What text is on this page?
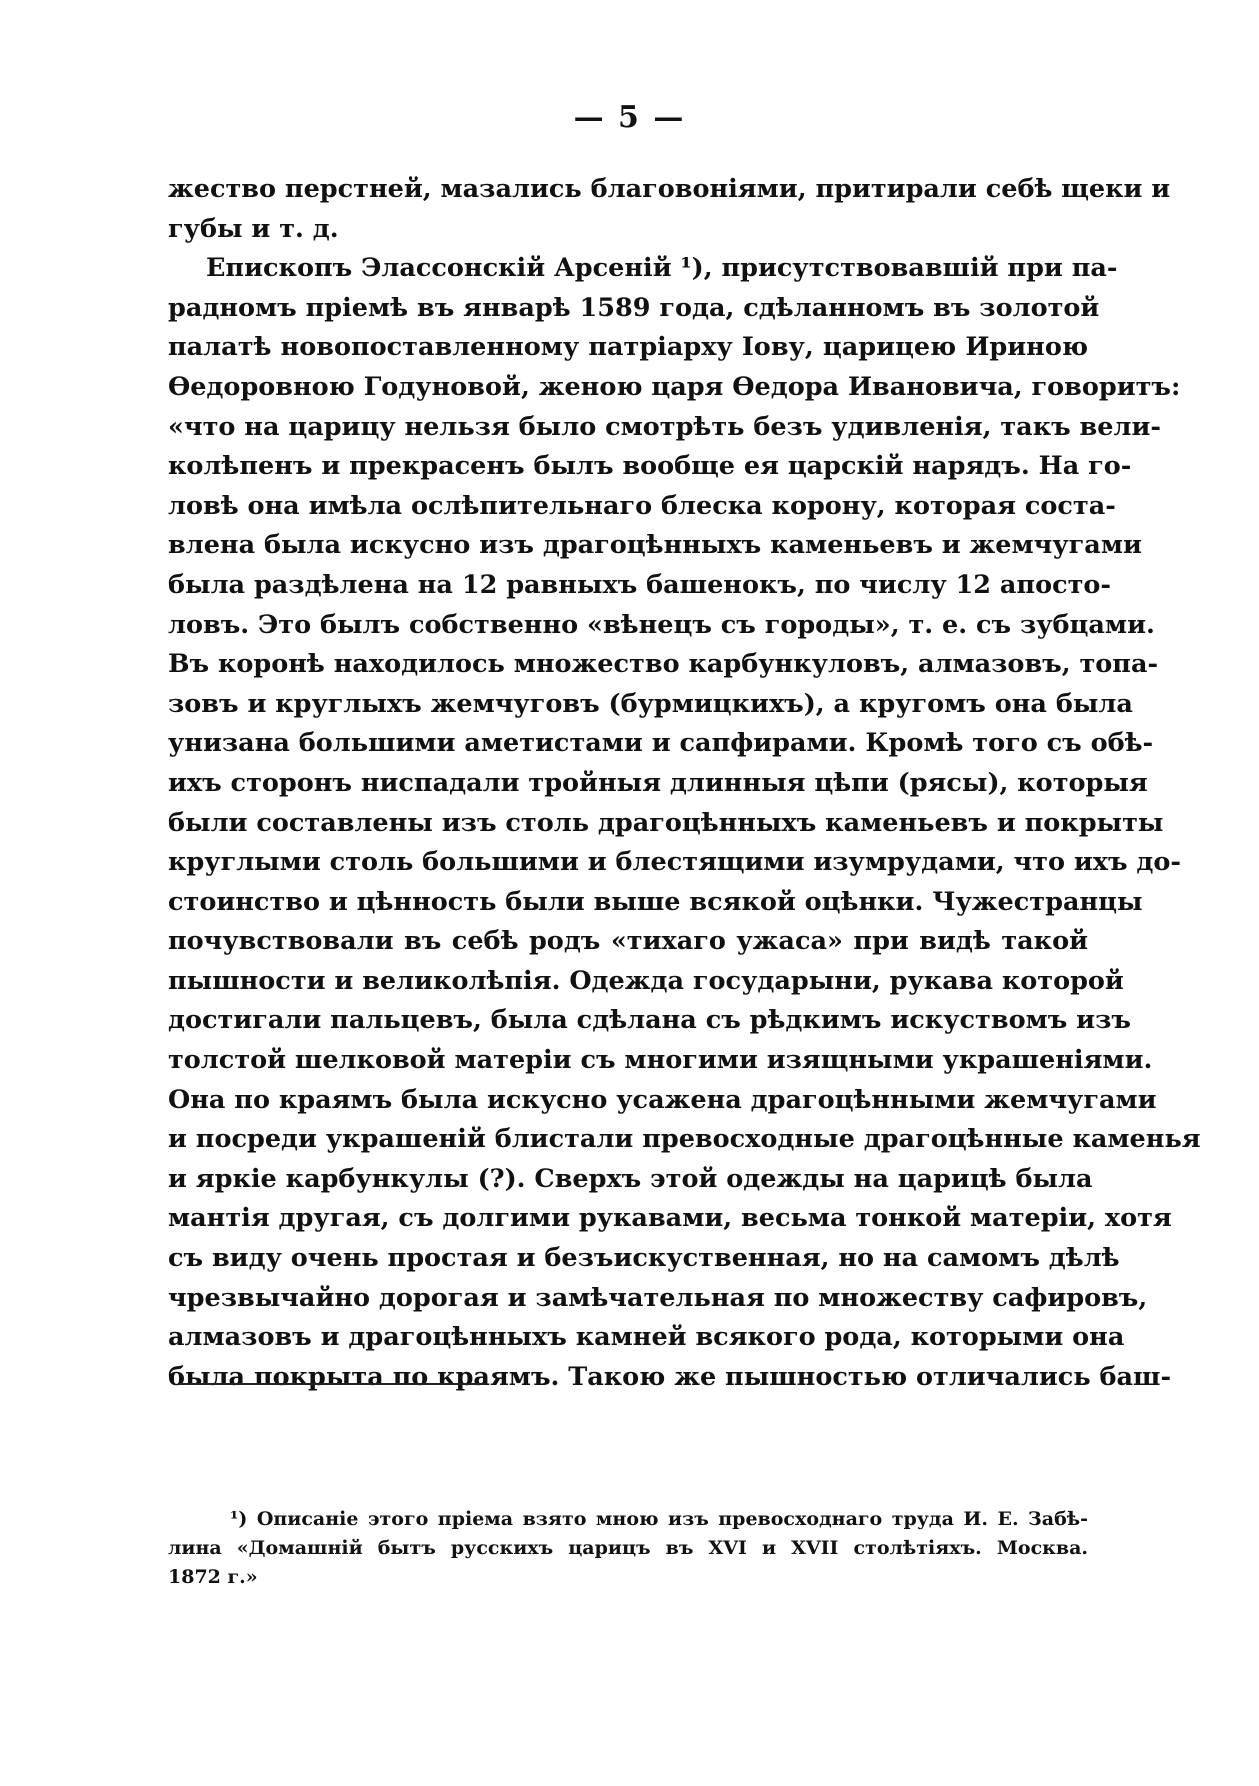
— 5 —
жество перстней, мазались благовоніями, притирали себѣ щеки и
губы и т. д.
Епископъ Элассонскій Арсеній ¹), присутствовавшій при па-
радномъ пріемѣ въ январѣ 1589 года, сдѣланномъ въ золотой
палатѣ новопоставленному патріарху Іову, царицею Ириною
Ѳедоровною Годуновой, женою царя Ѳедора Ивановича, говоритъ:
«что на царицу нельзя было смотрѣть безъ удивленія, такъ вели-
колѣпенъ и прекрасенъ былъ вообще ея царскій нарядъ. На го-
ловѣ она имѣла ослѣпительнаго блеска корону, которая соста-
влена была искусно изъ драгоцѣнныхъ каменьевъ и жемчугами
была раздѣлена на 12 равныхъ башенокъ, по числу 12 апосто-
ловъ. Это былъ собственно «вѣнецъ съ городы», т. е. съ зубцами.
Въ коронѣ находилось множество карбункуловъ, алмазовъ, топа-
зовъ и круглыхъ жемчуговъ (бурмицкихъ), а кругомъ она была
унизана большими аметистами и сапфирами. Кромѣ того съ обѣ-
ихъ сторонъ ниспадали тройныя длинныя цѣпи (рясы), которыя
были составлены изъ столь драгоцѣнныхъ каменьевъ и покрыты
круглыми столь большими и блестящими изумрудами, что ихъ до-
стоинство и цѣнность были выше всякой оцѣнки. Чужестранцы
почувствовали въ себѣ родъ «тихаго ужаса» при видѣ такой
пышности и великолѣпія. Одежда государыни, рукава которой
достигали пальцевъ, была сдѣлана съ рѣдкимъ искуствомъ изъ
толстой шелковой матеріи съ многими изящными украшеніями.
Она по краямъ была искусно усажена драгоцѣнными жемчугами
и посреди украшеній блистали превосходные драгоцѣнные каменья
и яркіе карбункулы (?). Сверхъ этой одежды на царицѣ была
мантія другая, съ долгими рукавами, весьма тонкой матеріи, хотя
съ виду очень простая и безъискуственная, но на самомъ дѣлѣ
чрезвычайно дорогая и замѣчательная по множеству сафировъ,
алмазовъ и драгоцѣнныхъ камней всякого рода, которыми она
была покрыта по краямъ. Такою же пышностью отличались баш-
¹) Описаніе этого пріема взято мною изъ превосходнаго труда И. Е. Забѣ-
лина «Домашній бытъ русскихъ царицъ въ XVI и XVII столѣтіяхъ. Москва.
1872 г.»
